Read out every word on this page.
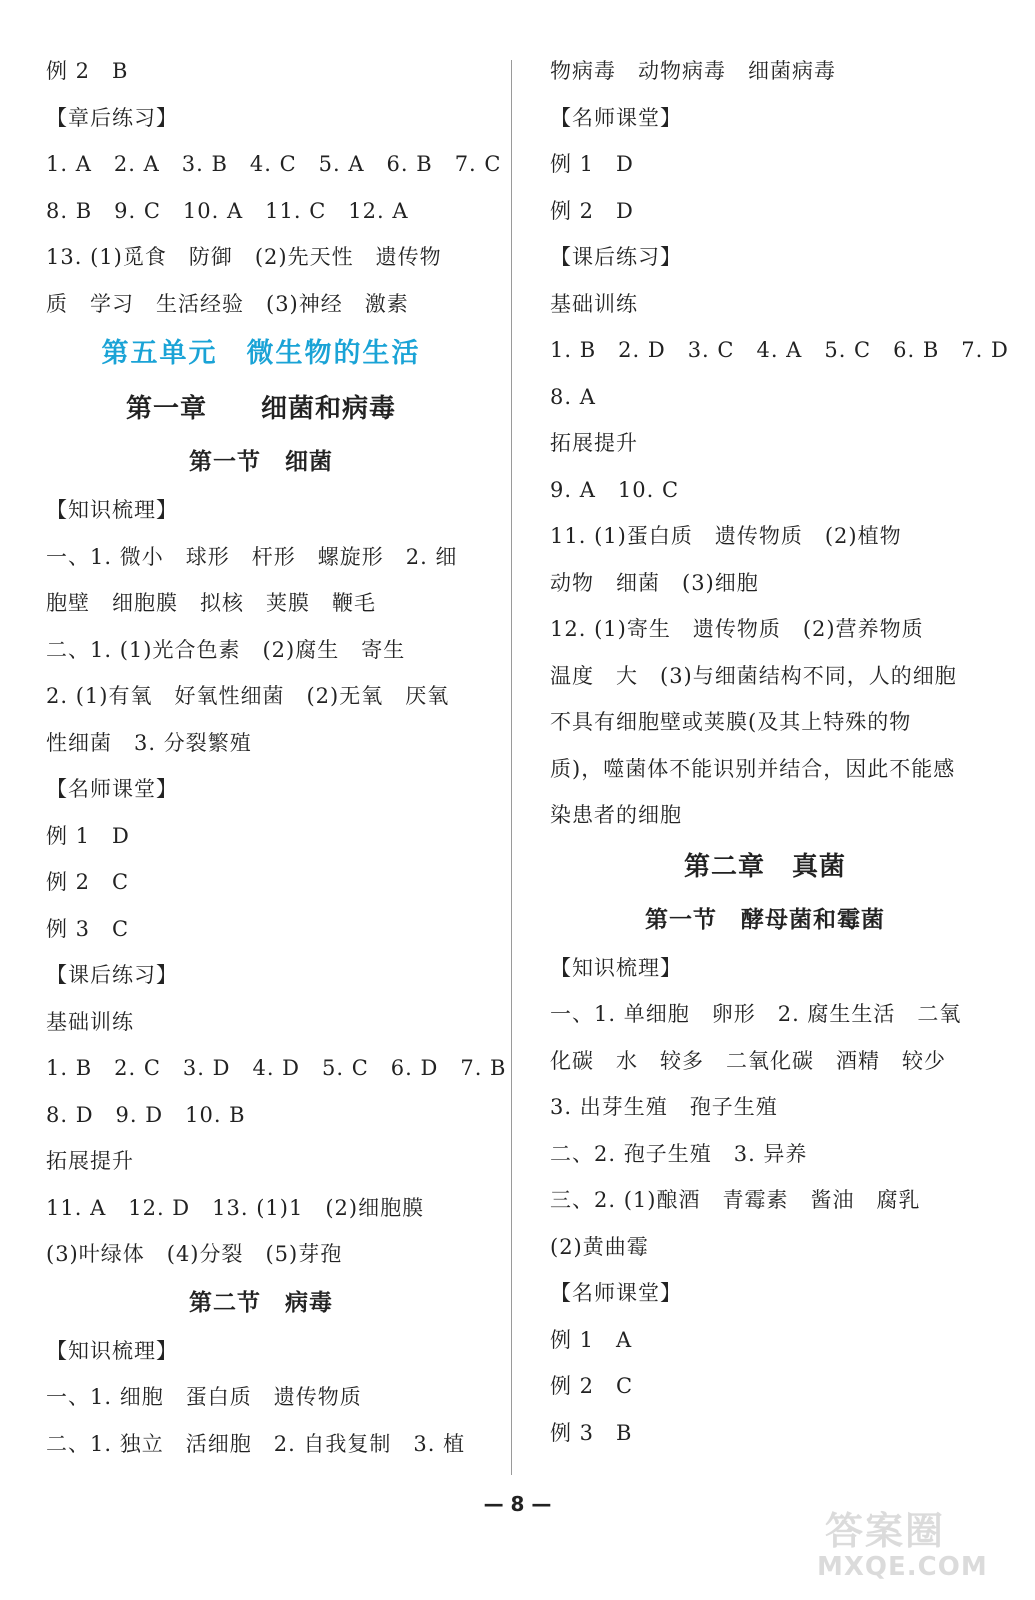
例 2　B
【章后练习】
1. A　2. A　3. B　4. C　5. A　6. B　7. C
8. B　9. C　10. A　11. C　12. A
13. (1)觅食　防御　(2)先天性　遗传物
质　学习　生活经验　(3)神经　激素
第五单元　微生物的生活
第一章　　细菌和病毒
第一节　细菌
【知识梳理】
一、1. 微小　球形　杆形　螺旋形　2. 细
胞壁　细胞膜　拟核　荚膜　鞭毛
二、1. (1)光合色素　(2)腐生　寄生
2. (1)有氧　好氧性细菌　(2)无氧　厌氧
性细菌　3. 分裂繁殖
【名师课堂】
例 1　D
例 2　C
例 3　C
【课后练习】
基础训练
1. B　2. C　3. D　4. D　5. C　6. D　7. B
8. D　9. D　10. B
拓展提升
11. A　12. D　13. (1)1　(2)细胞膜
(3)叶绿体　(4)分裂　(5)芽孢
第二节　病毒
【知识梳理】
一、1. 细胞　蛋白质　遗传物质
二、1. 独立　活细胞　2. 自我复制　3. 植
物病毒　动物病毒　细菌病毒
【名师课堂】
例 1　D
例 2　D
【课后练习】
基础训练
1. B　2. D　3. C　4. A　5. C　6. B　7. D
8. A
拓展提升
9. A　10. C
11. (1)蛋白质　遗传物质　(2)植物
动物　细菌　(3)细胞
12. (1)寄生　遗传物质　(2)营养物质
温度　大　(3)与细菌结构不同，人的细胞
不具有细胞壁或荚膜(及其上特殊的物
质)，噬菌体不能识别并结合，因此不能感
染患者的细胞
第二章　真菌
第一节　酵母菌和霉菌
【知识梳理】
一、1. 单细胞　卵形　2. 腐生生活　二氧
化碳　水　较多　二氧化碳　酒精　较少
3. 出芽生殖　孢子生殖
二、2. 孢子生殖　3. 异养
三、2. (1)酿酒　青霉素　酱油　腐乳
(2)黄曲霉
【名师课堂】
例 1　A
例 2　C
例 3　B
— 8 —
答案圈
MXQE.COM
